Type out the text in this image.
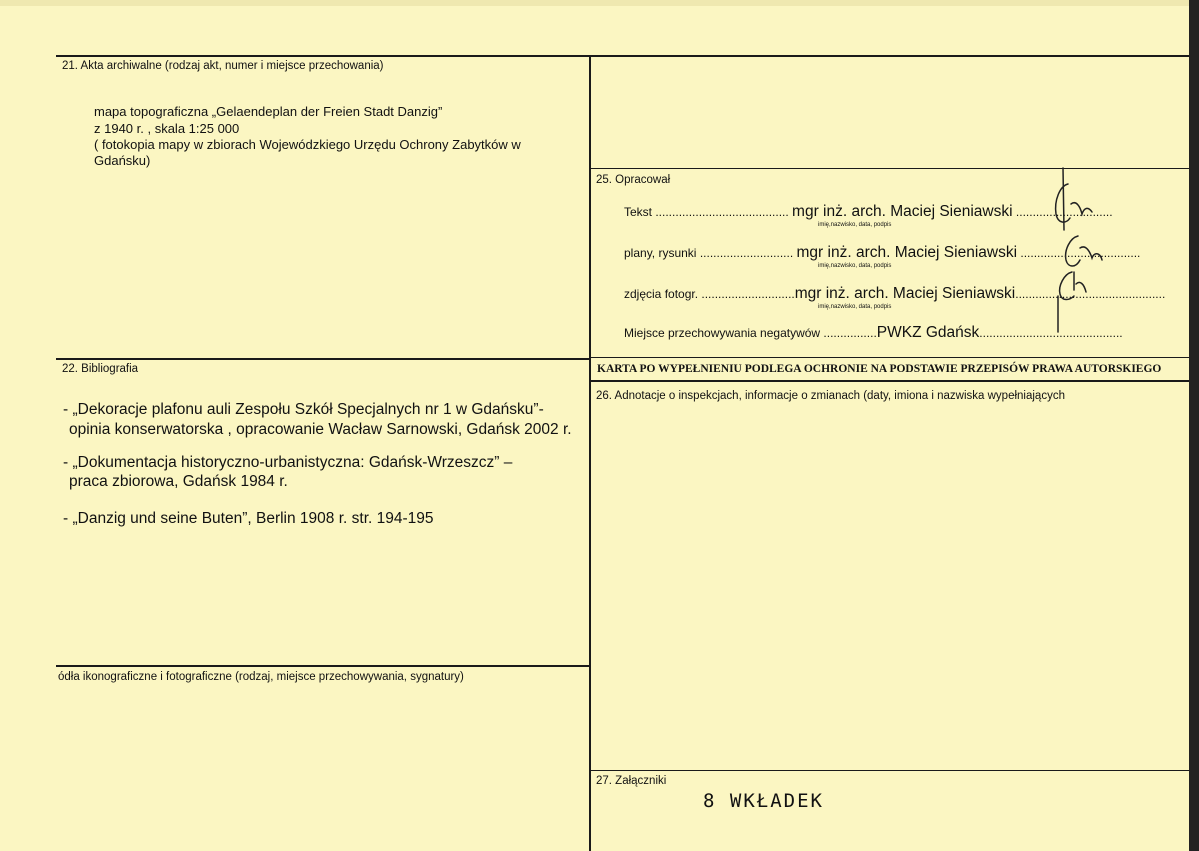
21. Akta archiwalne (rodzaj akt, numer i miejsce przechowania)
mapa topograficzna „Gelaendeplan der Freien Stadt Danzig”
z 1940 r. , skala 1:25 000
( fotokopia mapy w zbiorach Wojewódzkiego Urzędu Ochrony Zabytków w
Gdańsku)
22. Bibliografia
- „Dekoracje plafonu auli Zespołu Szkół Specjalnych nr 1 w Gdańsku”-
opinia konserwatorska , opracowanie Wacław Sarnowski, Gdańsk 2002 r.
- „Dokumentacja historyczno-urbanistyczna: Gdańsk-Wrzeszcz” –
praca zbiorowa, Gdańsk 1984 r.
- „Danzig und seine Buten”, Berlin 1908 r. str. 194-195
ódła ikonograficzne i fotograficzne (rodzaj, miejsce przechowywania, sygnatury)
25. Opracował
Tekst ........................................ mgr inż. arch. Maciej Sieniawski .............................
imię,nazwisko, data, podpis
plany, rysunki ............................ mgr inż. arch. Maciej Sieniawski ....................................
imię,nazwisko, data, podpis
zdjęcia fotogr. ............................mgr inż. arch. Maciej Sieniawski.............................................
imię,nazwisko, data, podpis
Miejsce przechowywania negatywów ................PWKZ Gdańsk...........................................
KARTA PO WYPEŁNIENIU PODLEGA OCHRONIE NA PODSTAWIE PRZEPISÓW PRAWA AUTORSKIEGO
26. Adnotacje o inspekcjach, informacje o zmianach (daty, imiona i nazwiska wypełniających
27. Załączniki
8 WKŁADEK
